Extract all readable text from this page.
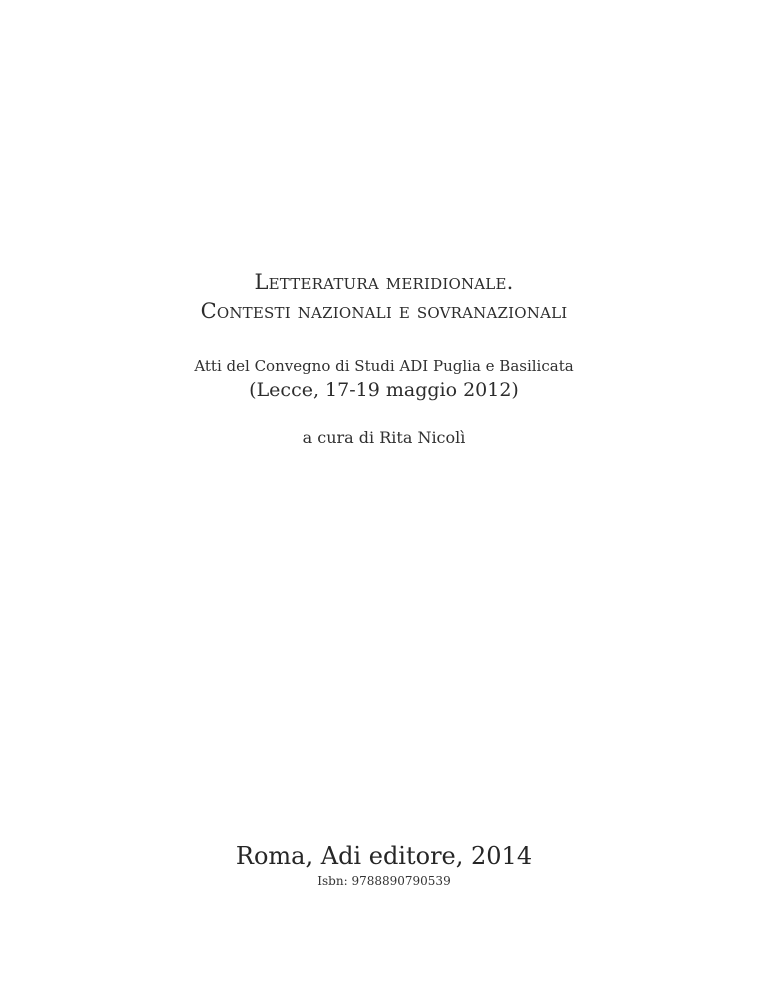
Letteratura meridionale.
Contesti nazionali e sovranazionali
Atti del Convegno di Studi ADI Puglia e Basilicata
(Lecce, 17-19 maggio 2012)
a cura di Rita Nicolì
Roma, Adi editore, 2014
Isbn: 9788890790539
